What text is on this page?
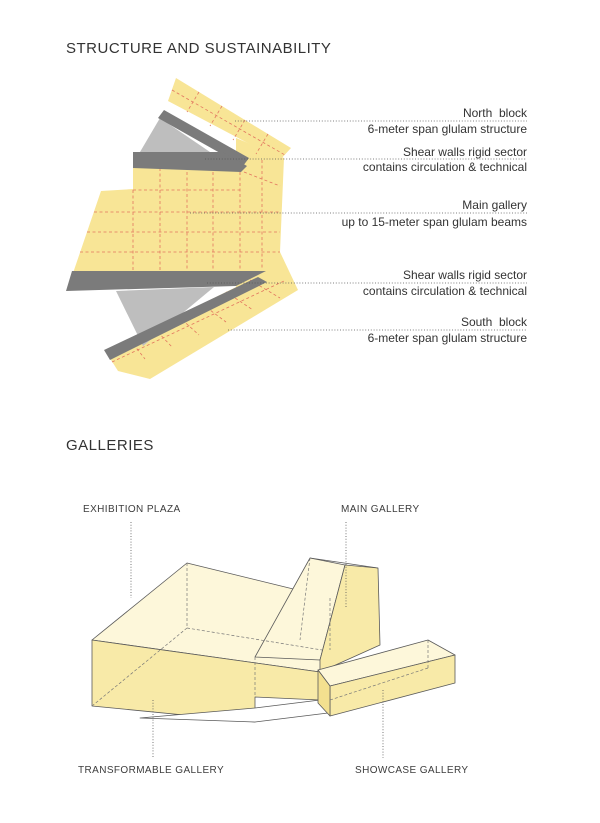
STRUCTURE AND SUSTAINABILITY
North  block
6-meter span glulam structure
Shear walls rigid sector
contains circulation & technical
Main gallery
up to 15-meter span glulam beams
Shear walls rigid sector
contains circulation & technical
South  block
6-meter span glulam structure
GALLERIES
EXHIBITION PLAZA	MAIN GALLERY
TRANSFORMABLE GALLERY	SHOWCASE GALLERY
